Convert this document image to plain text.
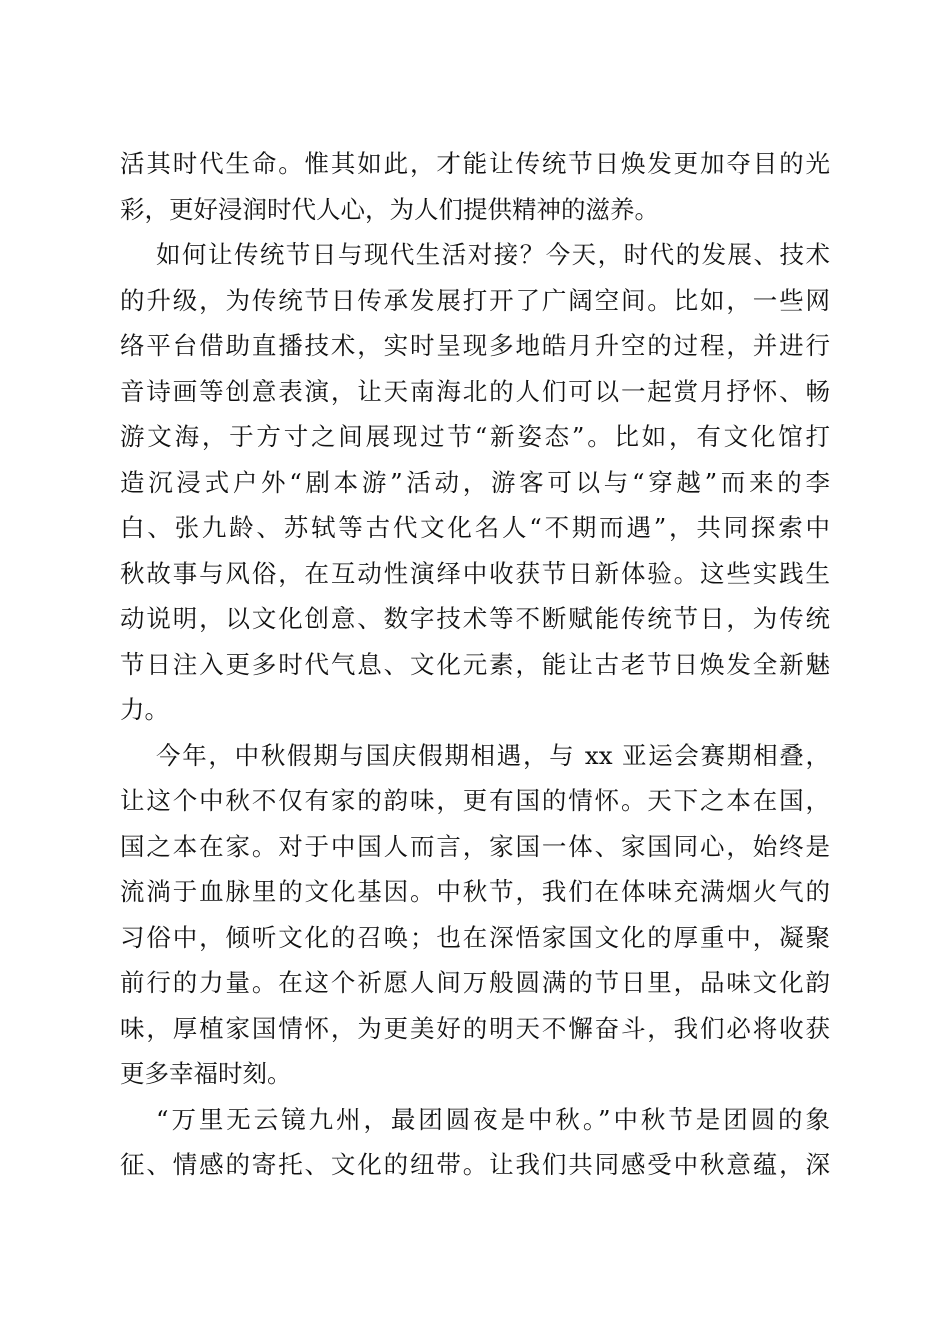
活其时代生命。惟其如此，才能让传统节日焕发更加夺目的光
彩，更好浸润时代人心，为人们提供精神的滋养。
如何让传统节日与现代生活对接？今天，时代的发展、技术
的升级，为传统节日传承发展打开了广阔空间。比如，一些网
络平台借助直播技术，实时呈现多地皓月升空的过程，并进行
音诗画等创意表演，让天南海北的人们可以一起赏月抒怀、畅
游文海，于方寸之间展现过节“新姿态”。比如，有文化馆打
造沉浸式户外“剧本游”活动，游客可以与“穿越”而来的李
白、张九龄、苏轼等古代文化名人“不期而遇”，共同探索中
秋故事与风俗，在互动性演绎中收获节日新体验。这些实践生
动说明，以文化创意、数字技术等不断赋能传统节日，为传统
节日注入更多时代气息、文化元素，能让古老节日焕发全新魅
力。
今年，中秋假期与国庆假期相遇，与 xx 亚运会赛期相叠，
让这个中秋不仅有家的韵味，更有国的情怀。天下之本在国，
国之本在家。对于中国人而言，家国一体、家国同心，始终是
流淌于血脉里的文化基因。中秋节，我们在体味充满烟火气的
习俗中，倾听文化的召唤；也在深悟家国文化的厚重中，凝聚
前行的力量。在这个祈愿人间万般圆满的节日里，品味文化韵
味，厚植家国情怀，为更美好的明天不懈奋斗，我们必将收获
更多幸福时刻。
“万里无云镜九州，最团圆夜是中秋。”中秋节是团圆的象
征、情感的寄托、文化的纽带。让我们共同感受中秋意蕴，深
